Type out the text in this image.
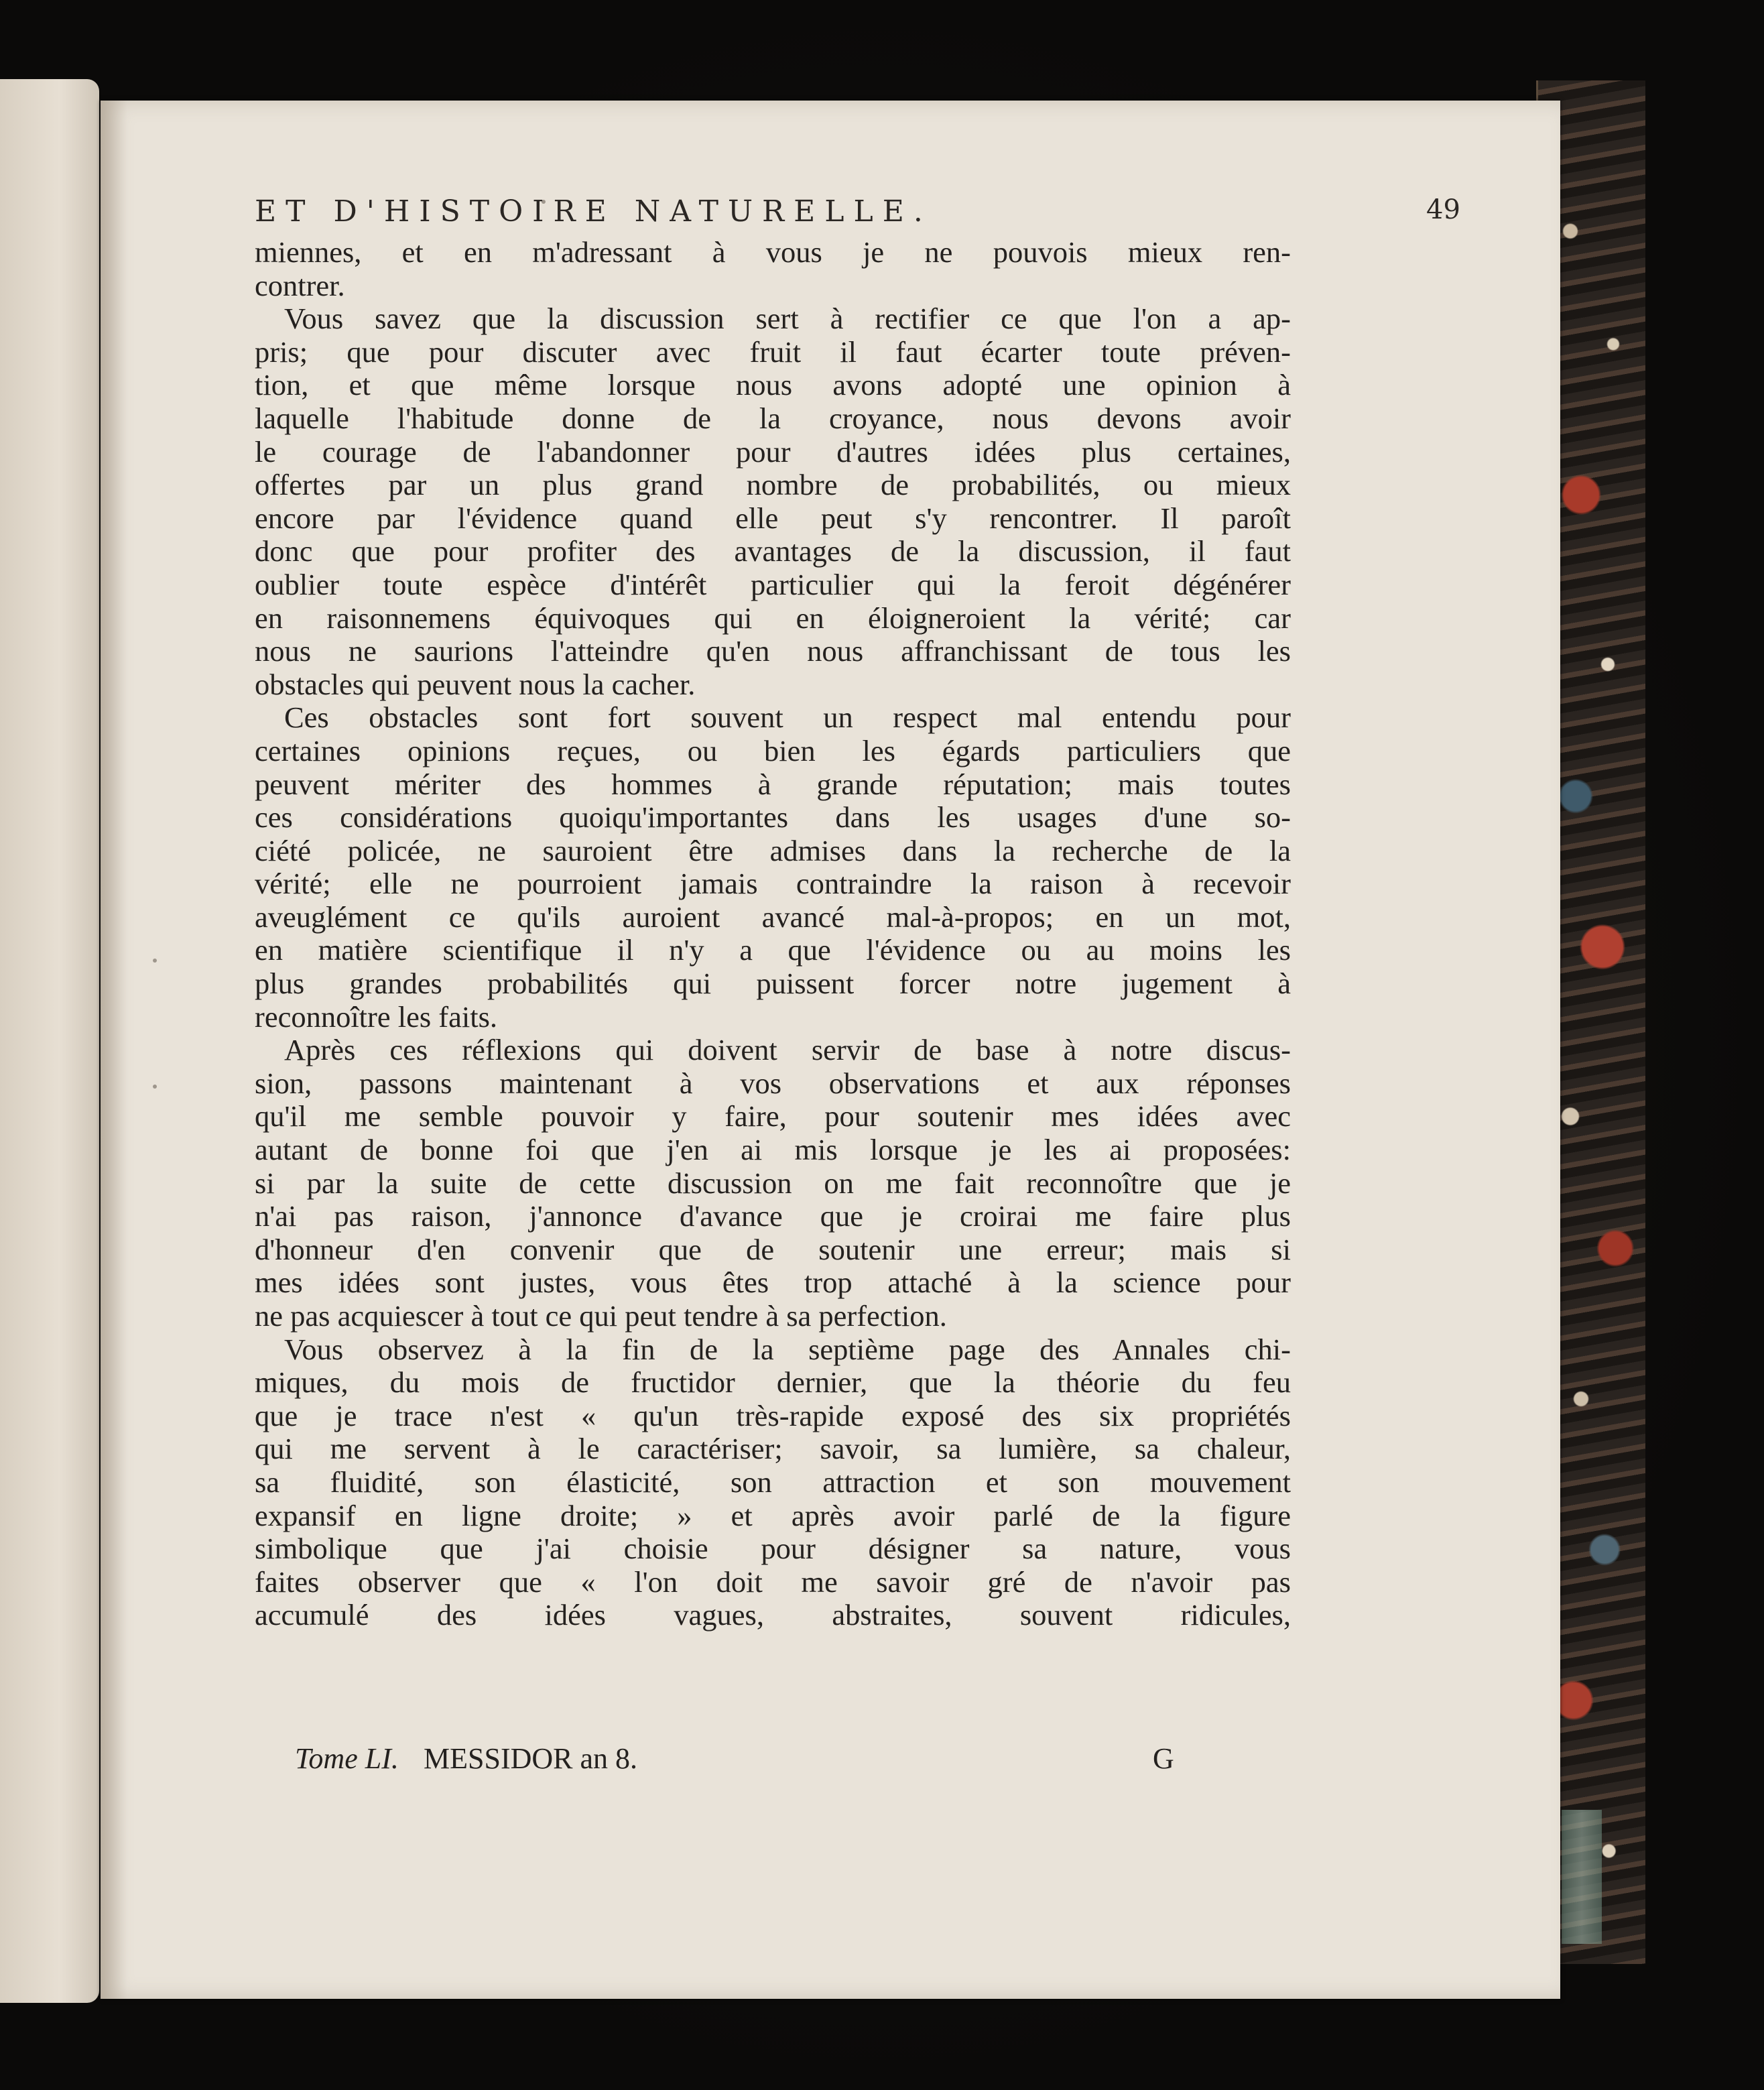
ET D'HISTOIRE NATURELLE.	49
miennes, et en m'adressant à vous je ne pouvois mieux ren-
contrer.
Vous savez que la discussion sert à rectifier ce que l'on a ap-
pris; que pour discuter avec fruit il faut écarter toute préven-
tion, et que même lorsque nous avons adopté une opinion à
laquelle l'habitude donne de la croyance, nous devons avoir
le courage de l'abandonner pour d'autres idées plus certaines,
offertes par un plus grand nombre de probabilités, ou mieux
encore par l'évidence quand elle peut s'y rencontrer. Il paroît
donc que pour profiter des avantages de la discussion, il faut
oublier toute espèce d'intérêt particulier qui la feroit dégénérer
en raisonnemens équivoques qui en éloigneroient la vérité; car
nous ne saurions l'atteindre qu'en nous affranchissant de tous les
obstacles qui peuvent nous la cacher.
Ces obstacles sont fort souvent un respect mal entendu pour
certaines opinions reçues, ou bien les égards particuliers que
peuvent mériter des hommes à grande réputation; mais toutes
ces considérations quoiqu'importantes dans les usages d'une so-
ciété policée, ne sauroient être admises dans la recherche de la
vérité; elle ne pourroient jamais contraindre la raison à recevoir
aveuglément ce qu'ils auroient avancé mal-à-propos; en un mot,
en matière scientifique il n'y a que l'évidence ou au moins les
plus grandes probabilités qui puissent forcer notre jugement à
reconnoître les faits.
Après ces réflexions qui doivent servir de base à notre discus-
sion, passons maintenant à vos observations et aux réponses
qu'il me semble pouvoir y faire, pour soutenir mes idées avec
autant de bonne foi que j'en ai mis lorsque je les ai proposées:
si par la suite de cette discussion on me fait reconnoître que je
n'ai pas raison, j'annonce d'avance que je croirai me faire plus
d'honneur d'en convenir que de soutenir une erreur; mais si
mes idées sont justes, vous êtes trop attaché à la science pour
ne pas acquiescer à tout ce qui peut tendre à sa perfection.
Vous observez à la fin de la septième page des Annales chi-
miques, du mois de fructidor dernier, que la théorie du feu
que je trace n'est « qu'un très-rapide exposé des six propriétés
qui me servent à le caractériser; savoir, sa lumière, sa chaleur,
sa fluidité, son élasticité, son attraction et son mouvement
expansif en ligne droite; » et après avoir parlé de la figure
simbolique que j'ai choisie pour désigner sa nature, vous
faites observer que « l'on doit me savoir gré de n'avoir pas
accumulé des idées vagues, abstraites, souvent ridicules,
Tome LI. MESSIDOR an 8.	G
